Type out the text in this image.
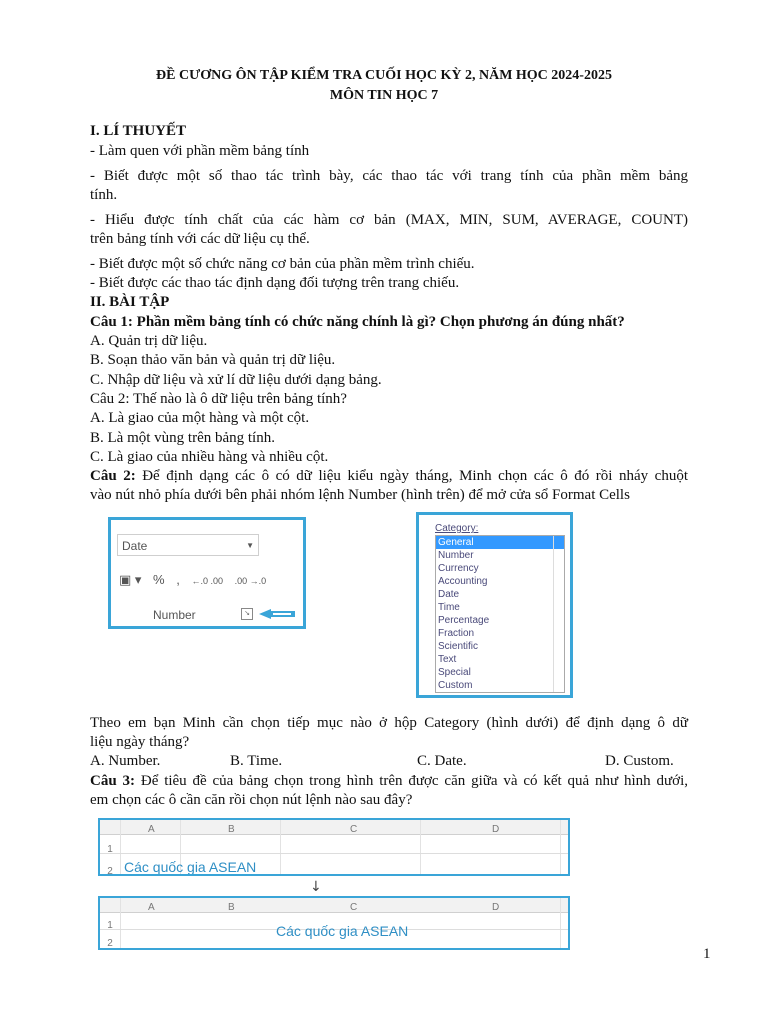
ĐỀ CƯƠNG ÔN TẬP KIỂM TRA CUỐI HỌC KỲ 2, NĂM HỌC 2024-2025
MÔN TIN HỌC 7
I. LÍ THUYẾT
- Làm quen với phần mềm bảng tính
- Biết được một số thao tác trình bày, các thao tác với trang tính của phần mềm bảng
tính.
- Hiểu được tính chất của các hàm cơ bản (MAX, MIN, SUM, AVERAGE, COUNT)
trên bảng tính với các dữ liệu cụ thể.
- Biết được một số chức năng cơ bản của phần mềm trình chiếu.
- Biết được các thao tác định dạng đối tượng trên trang chiếu.
II. BÀI TẬP
Câu 1: Phần mềm bảng tính có chức năng chính là gì? Chọn phương án đúng nhất?
A. Quản trị dữ liệu.
B. Soạn thảo văn bản và quản trị dữ liệu.
C. Nhập dữ liệu và xử lí dữ liệu dưới dạng bảng.
Câu 2: Thế nào là ô dữ liệu trên bảng tính?
A. Là giao của một hàng và một cột.
B. Là một vùng trên bảng tính.
C. Là giao của nhiều hàng và nhiều cột.
Câu 2: Để định dạng các ô có dữ liệu kiểu ngày tháng, Minh chọn các ô đó rồi nháy chuột
vào nút nhỏ phía dưới bên phải nhóm lệnh Number (hình trên) để mở cửa sổ Format Cells
Date	▼
▣ ▾ % , ←.0 .00 .00 →.0
Number	↘
Category:
General
Number
Currency
Accounting
Date
Time
Percentage
Fraction
Scientific
Text
Special
Custom
Theo em bạn Minh cần chọn tiếp mục nào ở hộp Category (hình dưới) để định dạng ô dữ
liệu ngày tháng?
A. Number.	B. Time.	C. Date.	D. Custom.
Câu 3: Để tiêu đề của bảng chọn trong hình trên được căn giữa và có kết quả như hình dưới,
em chọn các ô cần căn rồi chọn nút lệnh nào sau đây?
A	B	C	D
1
2 Các quốc gia ASEAN
↓
A	B	C	D
1
2
Các quốc gia ASEAN
1
